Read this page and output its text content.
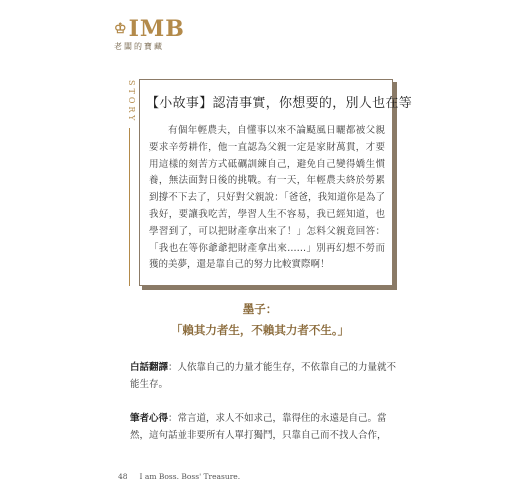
♔IMB
老闆的寶藏
STORY 【小故事】認清事實，你想要的，別人也在等
有個年輕農夫，自懂事以來不論颳風日曬都被父親要求辛勞耕作，他一直認為父親一定是家財萬貫，才要用這樣的刻苦方式砥礪訓練自己，避免自己變得嬌生慣養，無法面對日後的挑戰。有一天，年輕農夫終於勞累到撐不下去了，只好對父親說：「爸爸，我知道你是為了我好，要讓我吃苦，學習人生不容易，我已經知道，也學習到了，可以把財產拿出來了！」怎料父親竟回答：「我也在等你爺爺把財產拿出來……」別再幻想不勞而獲的美夢，還是靠自己的努力比較實際啊！
墨子：
「賴其力者生，不賴其力者不生。」
白話翻譯：人依靠自己的力量才能生存，不依靠自己的力量就不能生存。
筆者心得：常言道，求人不如求己，靠得住的永遠是自己。當然，這句話並非要所有人單打獨鬥，只靠自己而不找人合作，
48 I am Boss. Boss' Treasure.
